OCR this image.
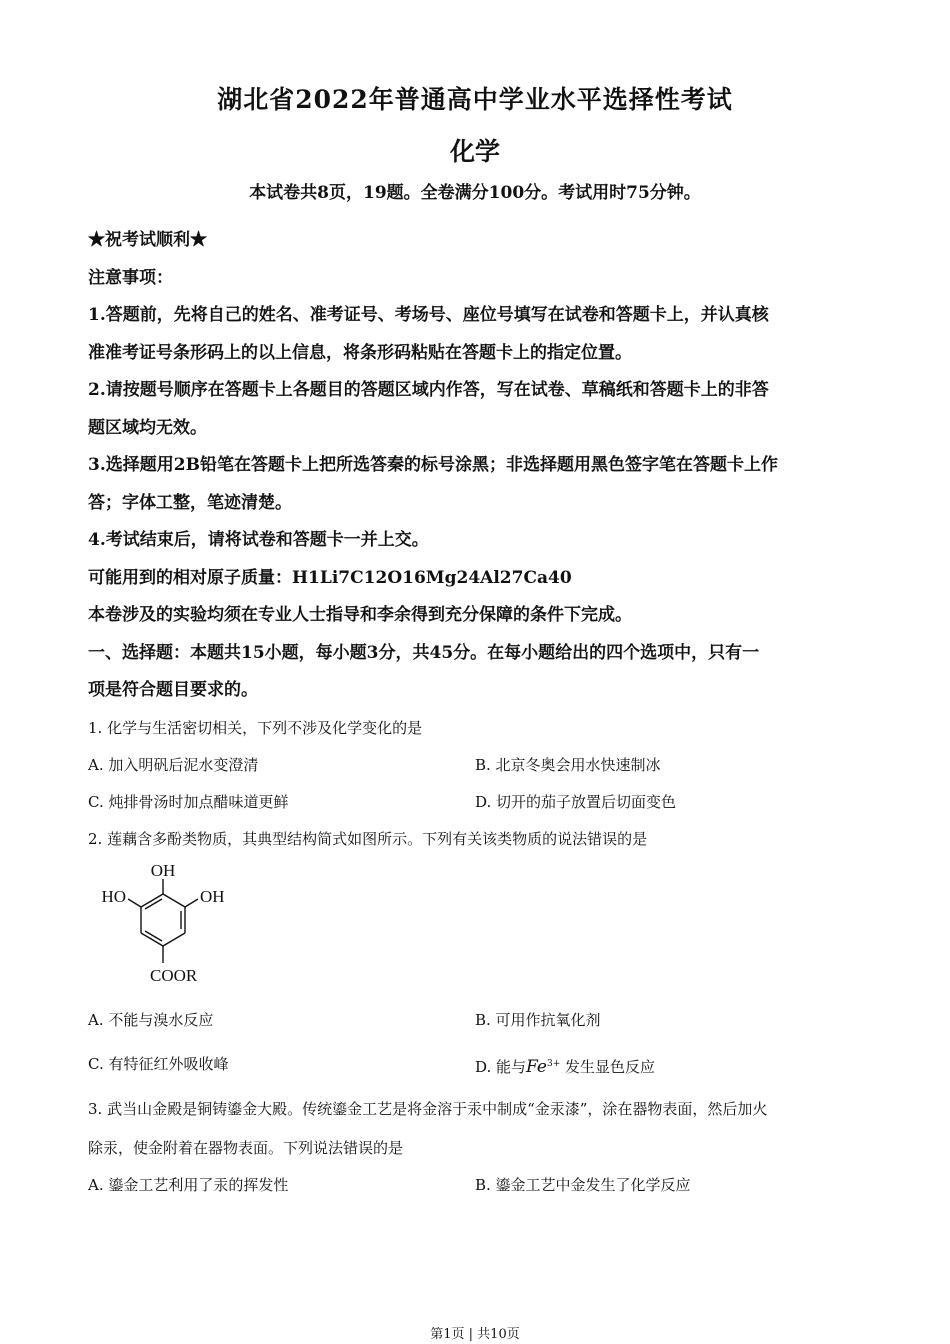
湖北省2022年普通高中学业水平选择性考试
化学
本试卷共8页，19题。全卷满分100分。考试用时75分钟。

★祝考试顺利★

注意事项：

1.答题前，先将自己的姓名、准考证号、考场号、座位号填写在试卷和答题卡上，并认真核

准准考证号条形码上的以上信息，将条形码粘贴在答题卡上的指定位置。

2.请按题号顺序在答题卡上各题目的答题区域内作答，写在试卷、草稿纸和答题卡上的非答

题区域均无效。

3.选择题用2B铅笔在答题卡上把所选答秦的标号涂黑；非选择题用黑色签字笔在答题卡上作

答；字体工整，笔迹清楚。

4.考试结束后，请将试卷和答题卡一并上交。

可能用到的相对原子质量：H1Li7C12O16Mg24Al27Ca40

本卷涉及的实验均须在专业人士指导和李余得到充分保障的条件下完成。

一、选择题：本题共15小题，每小题3分，共45分。在每小题给出的四个选项中，只有一

项是符合题目要求的。

1. 化学与生活密切相关，下列不涉及化学变化的是

A. 加入明矾后泥水变澄清	B. 北京冬奥会用水快速制冰
C. 炖排骨汤时加点醋味道更鲜	D. 切开的茄子放置后切面变色

2. 莲藕含多酚类物质，其典型结构简式如图所示。下列有关该类物质的说法错误的是

OH
HO	OH
COOR
A. 不能与溴水反应	B. 可用作抗氧化剂
C. 有特征红外吸收峰	D. 能与$Fe^{3+}$ 发生显色反应

3. 武当山金殿是铜铸鎏金大殿。传统鎏金工艺是将金溶于汞中制成“金汞漆”，涂在器物表面，然后加火

除汞，使金附着在器物表面。下列说法错误的是

A. 鎏金工艺利用了汞的挥发性	B. 鎏金工艺中金发生了化学反应
第1页 | 共10页
